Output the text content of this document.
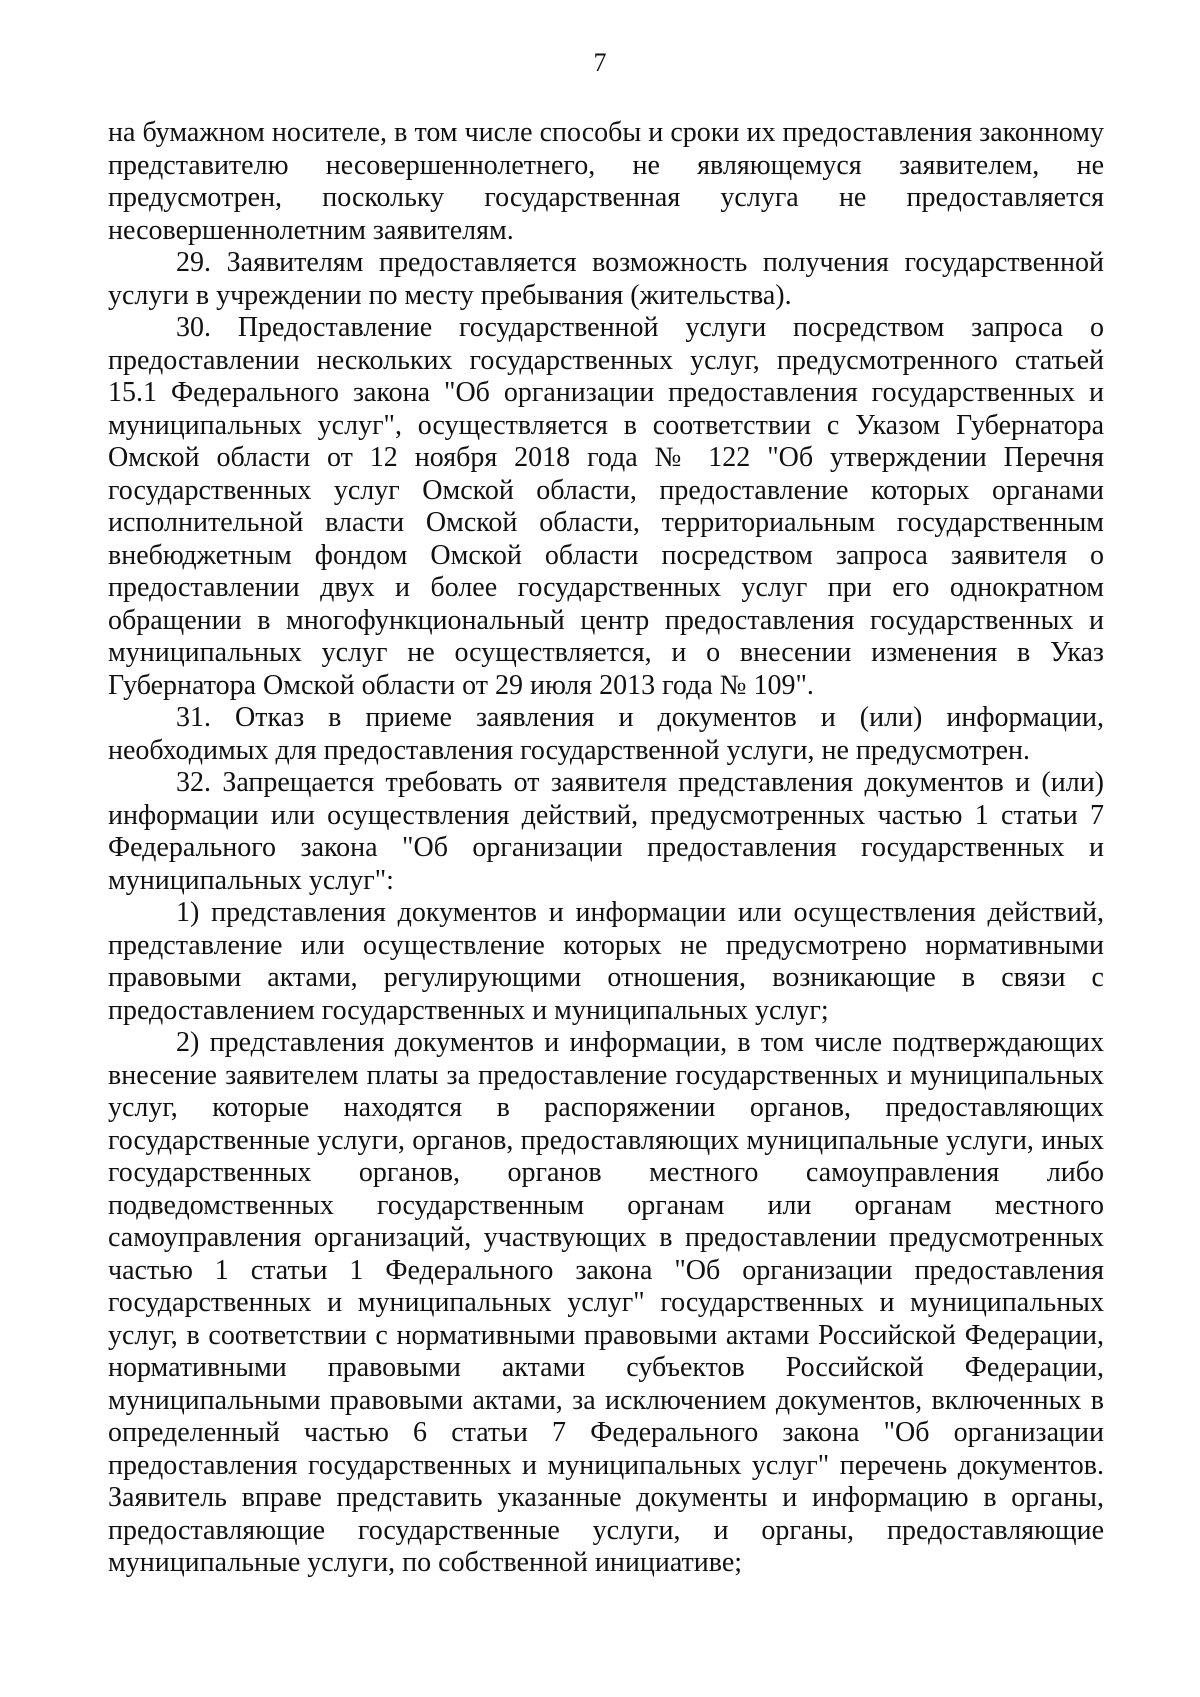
7

на бумажном носителе, в том числе способы и сроки их предоставления законному представителю несовершеннолетнего, не являющемуся заявителем, не предусмотрен, поскольку государственная услуга не предоставляется несовершеннолетним заявителям.

29. Заявителям предоставляется возможность получения государственной услуги в учреждении по месту пребывания (жительства).

30. Предоставление государственной услуги посредством запроса о предоставлении нескольких государственных услуг, предусмотренного статьей 15.1 Федерального закона "Об организации предоставления государственных и муниципальных услуг", осуществляется в соответствии с Указом Губернатора Омской области от 12 ноября 2018 года № 122 "Об утверждении Перечня государственных услуг Омской области, предоставление которых органами исполнительной власти Омской области, территориальным государственным внебюджетным фондом Омской области посредством запроса заявителя о предоставлении двух и более государственных услуг при его однократном обращении в многофункциональный центр предоставления государственных и муниципальных услуг не осуществляется, и о внесении изменения в Указ Губернатора Омской области от 29 июля 2013 года № 109".

31. Отказ в приеме заявления и документов и (или) информации, необходимых для предоставления государственной услуги, не предусмотрен.

32. Запрещается требовать от заявителя представления документов и (или) информации или осуществления действий, предусмотренных частью 1 статьи 7 Федерального закона "Об организации предоставления государственных и муниципальных услуг":

1) представления документов и информации или осуществления действий, представление или осуществление которых не предусмотрено нормативными правовыми актами, регулирующими отношения, возникающие в связи с предоставлением государственных и муниципальных услуг;

2) представления документов и информации, в том числе подтверждающих внесение заявителем платы за предоставление государственных и муниципальных услуг, которые находятся в распоряжении органов, предоставляющих государственные услуги, органов, предоставляющих муниципальные услуги, иных государственных органов, органов местного самоуправления либо подведомственных государственным органам или органам местного самоуправления организаций, участвующих в предоставлении предусмотренных частью 1 статьи 1 Федерального закона "Об организации предоставления государственных и муниципальных услуг" государственных и муниципальных услуг, в соответствии с нормативными правовыми актами Российской Федерации, нормативными правовыми актами субъектов Российской Федерации, муниципальными правовыми актами, за исключением документов, включенных в определенный частью 6 статьи 7 Федерального закона "Об организации предоставления государственных и муниципальных услуг" перечень документов. Заявитель вправе представить указанные документы и информацию в органы, предоставляющие государственные услуги, и органы, предоставляющие муниципальные услуги, по собственной инициативе;
